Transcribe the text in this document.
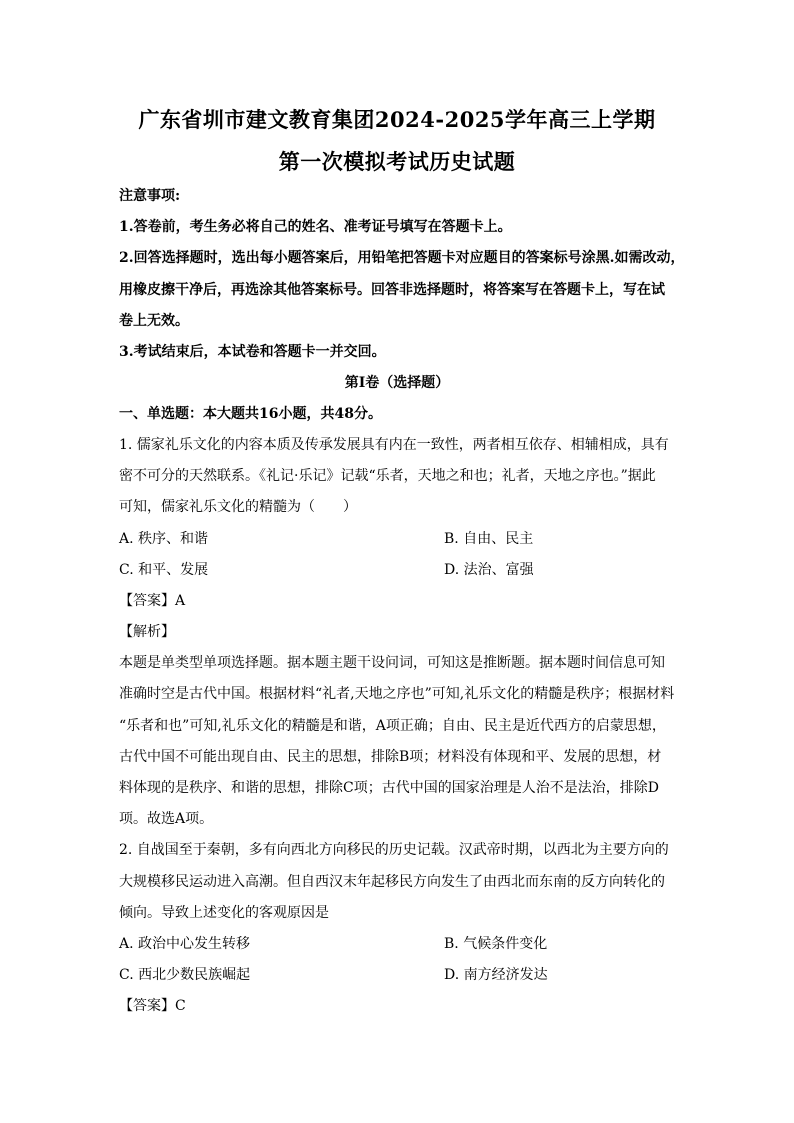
广东省圳市建文教育集团2024-2025学年高三上学期
第一次模拟考试历史试题
注意事项:
1.答卷前，考生务必将自己的姓名、准考证号填写在答题卡上。
2.回答选择题时，选出每小题答案后，用铅笔把答题卡对应题目的答案标号涂黑.如需改动，
用橡皮擦干净后，再选涂其他答案标号。回答非选择题时，将答案写在答题卡上，写在试
卷上无效。
3.考试结束后，本试卷和答题卡一并交回。
第Ⅰ卷（选择题）
一、单选题：本大题共16小题，共48分。
1. 儒家礼乐文化的内容本质及传承发展具有内在一致性，两者相互依存、相辅相成，具有
密不可分的天然联系。《礼记·乐记》记载“乐者，天地之和也；礼者，天地之序也。”据此
可知，儒家礼乐文化的精髓为（　　）
A. 秩序、和谐	B. 自由、民主
C. 和平、发展	D. 法治、富强
【答案】A
【解析】
本题是单类型单项选择题。据本题主题干设问词，可知这是推断题。据本题时间信息可知
准确时空是古代中国。根据材料“礼者,天地之序也”可知,礼乐文化的精髓是秩序；根据材料
“乐者和也”可知,礼乐文化的精髓是和谐，A项正确；自由、民主是近代西方的启蒙思想，
古代中国不可能出现自由、民主的思想，排除B项；材料没有体现和平、发展的思想，材
料体现的是秩序、和谐的思想，排除C项；古代中国的国家治理是人治不是法治，排除D
项。故选A项。
2. 自战国至于秦朝，多有向西北方向移民的历史记载。汉武帝时期，以西北为主要方向的
大规模移民运动进入高潮。但自西汉末年起移民方向发生了由西北而东南的反方向转化的
倾向。导致上述变化的客观原因是
A. 政治中心发生转移	B. 气候条件变化
C. 西北少数民族崛起	D. 南方经济发达
【答案】C
